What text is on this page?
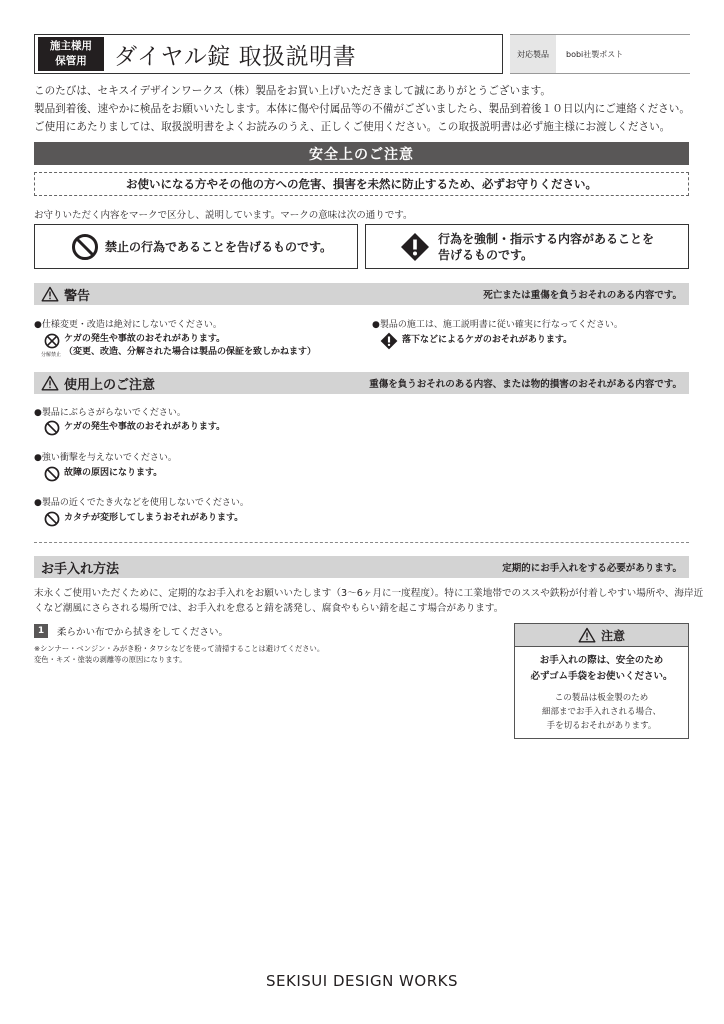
施主様用
保管用 ダイヤル錠 取扱説明書	対応製品	bobi社製ポスト
このたびは、セキスイデザインワークス（株）製品をお買い上げいただきまして誠にありがとうございます。
製品到着後、速やかに検品をお願いいたします。本体に傷や付属品等の不備がございましたら、製品到着後１０日以内にご連絡ください。
ご使用にあたりましては、取扱説明書をよくお読みのうえ、正しくご使用ください。この取扱説明書は必ず施主様にお渡しください。
安全上のご注意
お使いになる方やその他の方への危害、損害を未然に防止するため、必ずお守りください。
お守りいただく内容をマークで区分し、説明しています。マークの意味は次の通りです。
禁止の行為であることを告げるものです。
行為を強制・指示する内容があることを
告げるものです。
警告	死亡または重傷を負うおそれのある内容です。
●仕様変更・改造は絶対にしないでください。
ケガの発生や事故のおそれがあります。
（変更、改造、分解された場合は製品の保証を致しかねます）
分解禁止
●製品の施工は、施工説明書に従い確実に行なってください。
落下などによるケガのおそれがあります。
使用上のご注意	重傷を負うおそれのある内容、または物的損害のおそれがある内容です。
●製品にぶらさがらないでください。
ケガの発生や事故のおそれがあります。
●強い衝撃を与えないでください。
故障の原因になります。
●製品の近くでたき火などを使用しないでください。
カタチが変形してしまうおそれがあります。
お手入れ方法	定期的にお手入れをする必要があります。
末永くご使用いただくために、定期的なお手入れをお願いいたします（3～6ヶ月に一度程度）。特に工業地帯でのススや鉄粉が付着しやすい場所や、海岸近
くなど潮風にさらされる場所では、お手入れを怠ると錆を誘発し、腐食やもらい錆を起こす場合があります。
1	柔らかい布でから拭きをしてください。
※シンナー・ベンジン・みがき粉・タワシなどを使って清掃することは避けてください。
変色・キズ・塗装の剥離等の原因になります。
注意
お手入れの際は、安全のため
必ずゴム手袋をお使いください。
この製品は板金製のため
細部までお手入れされる場合、
手を切るおそれがあります。
SEKISUI DESIGN WORKS
